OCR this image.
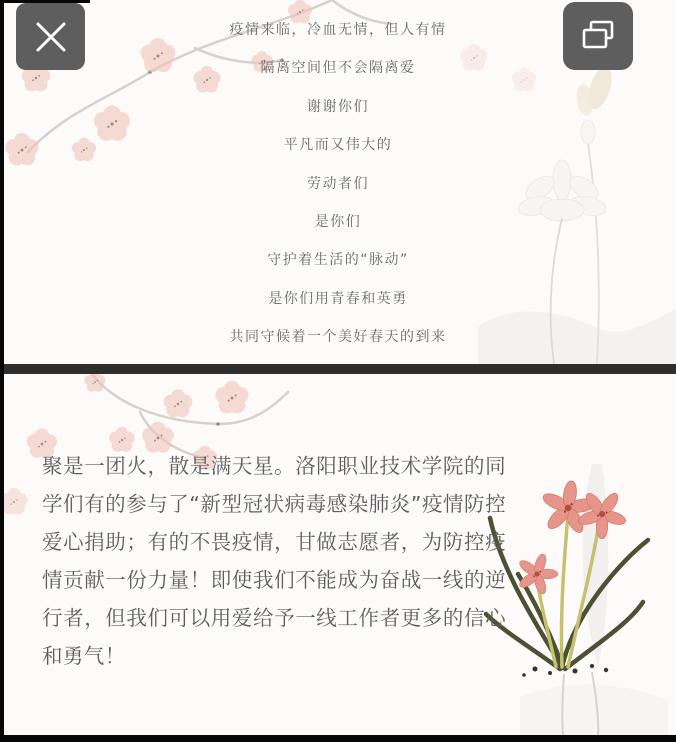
疫情来临，冷血无情，但人有情
隔离空间但不会隔离爱
谢谢你们
平凡而又伟大的
劳动者们
是你们
守护着生活的“脉动”
是你们用青春和英勇
共同守候着一个美好春天的到来
聚是一团火，散是满天星。洛阳职业技术学院的同学们有的参与了“新型冠状病毒感染肺炎”疫情防控爱心捐助；有的不畏疫情，甘做志愿者，为防控疫情贡献一份力量！即使我们不能成为奋战一线的逆行者，但我们可以用爱给予一线工作者更多的信心和勇气！
